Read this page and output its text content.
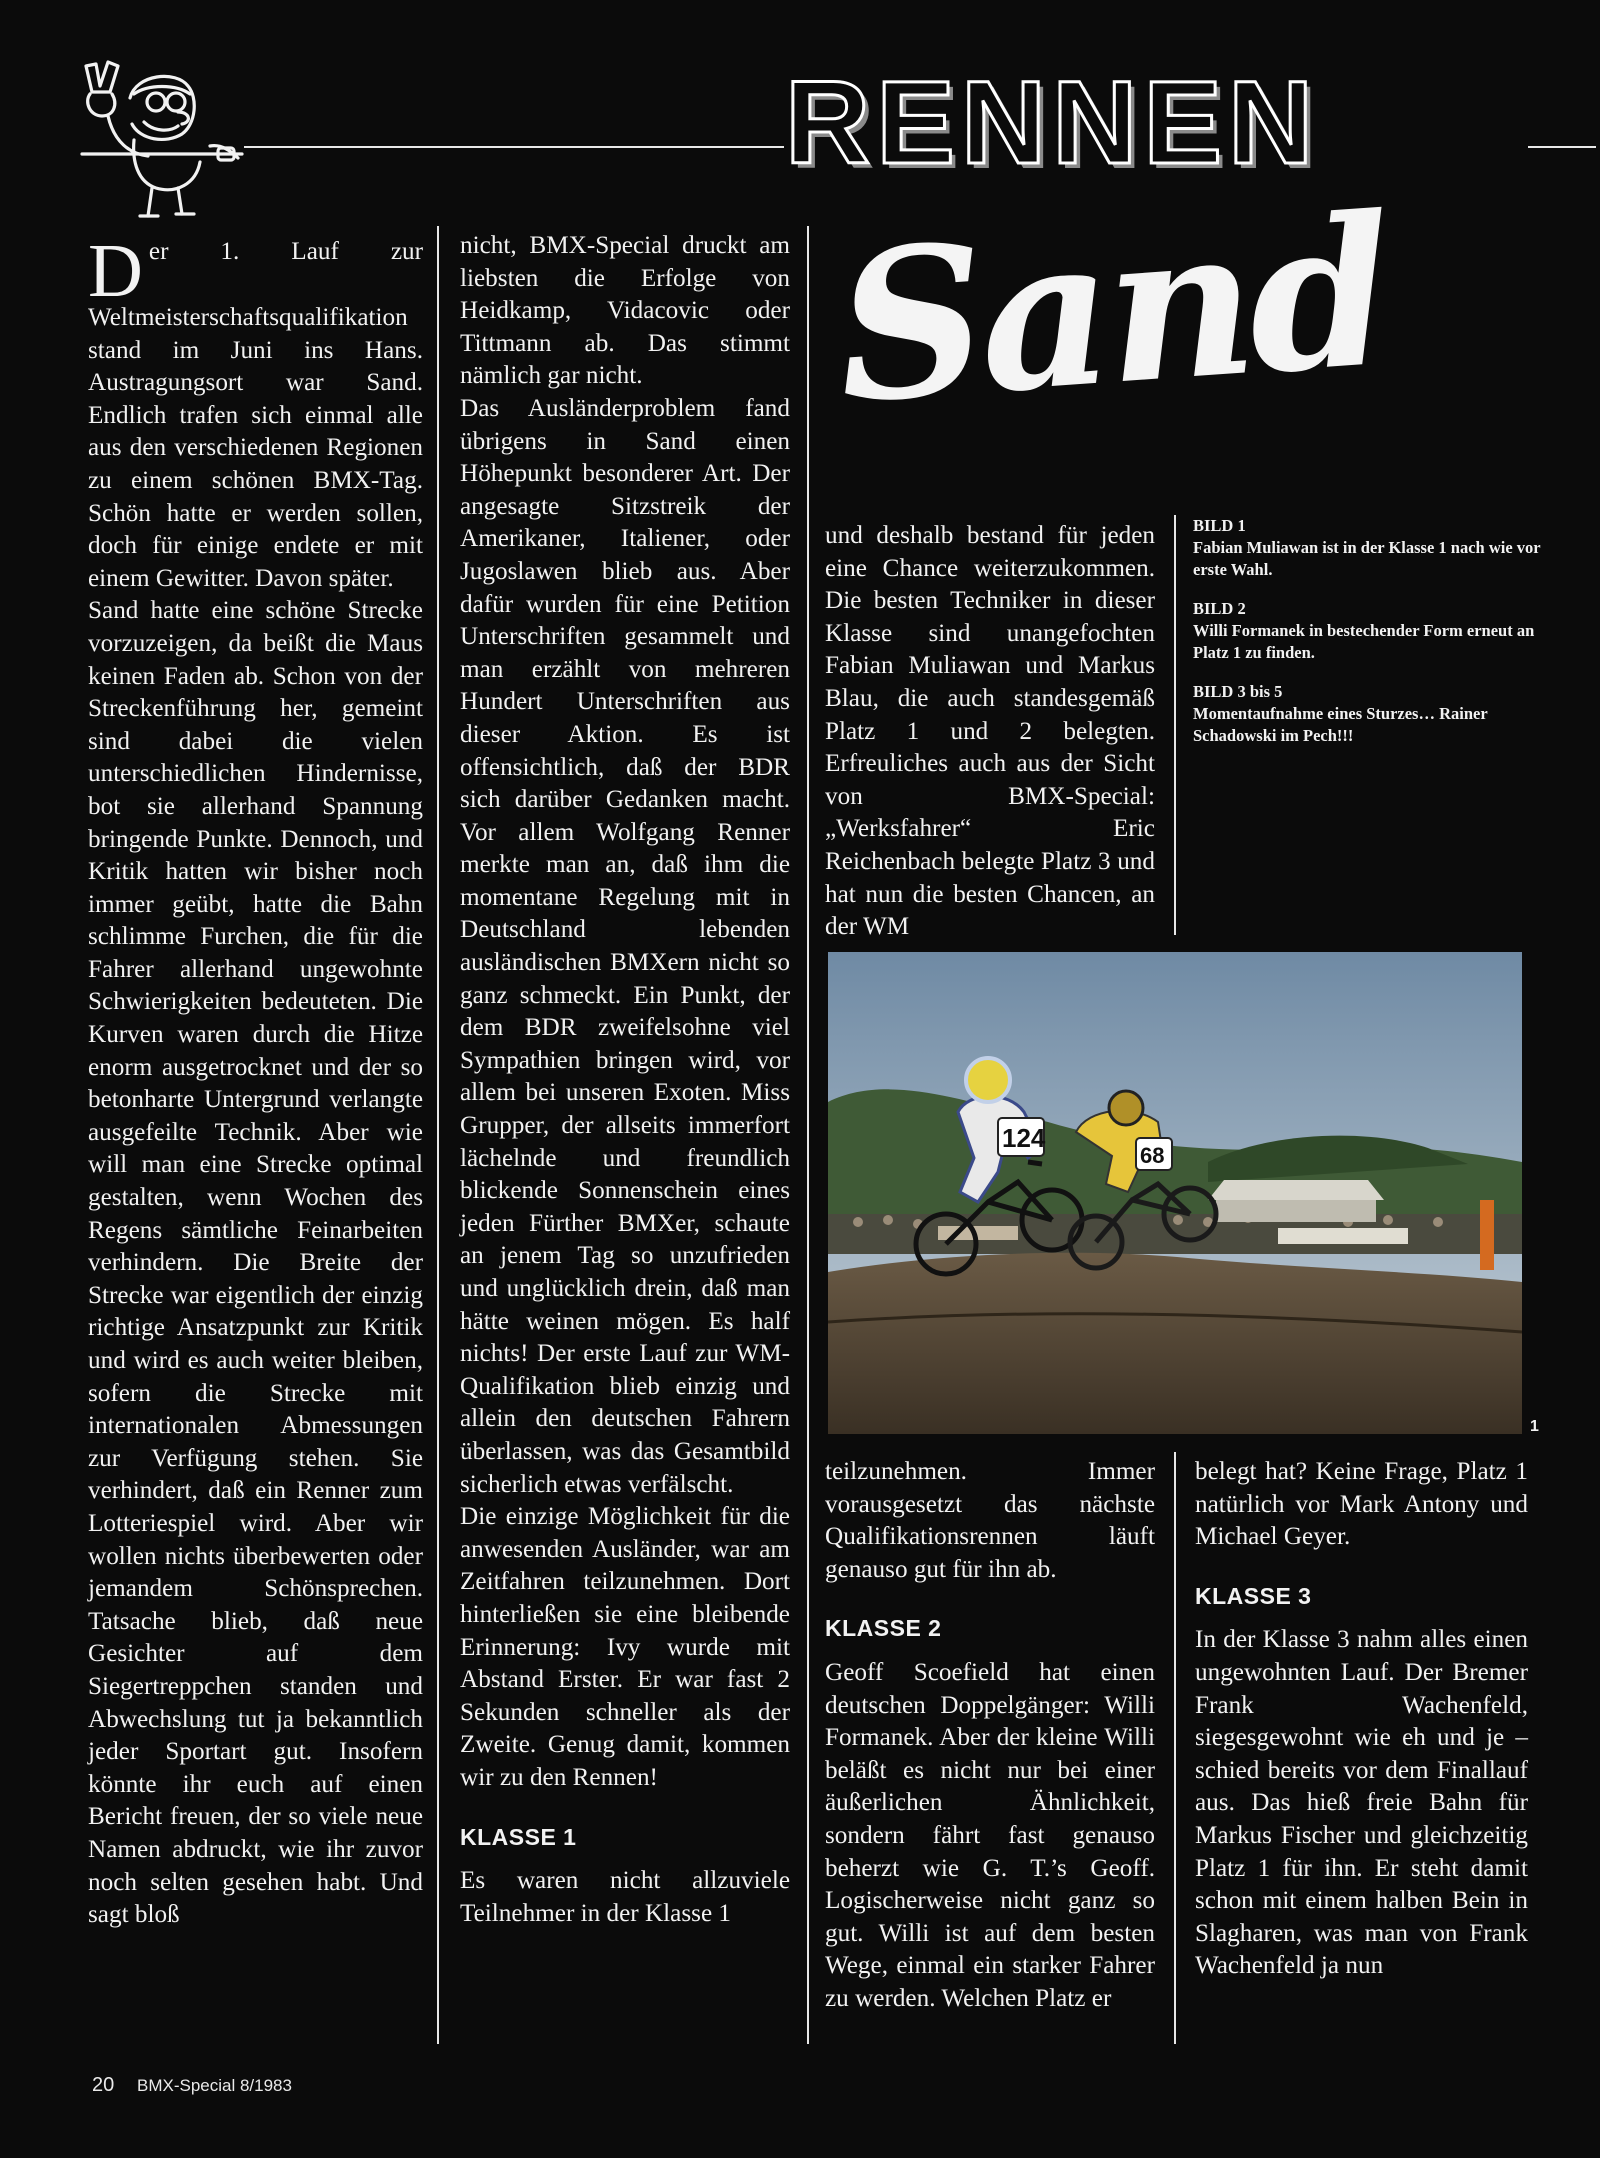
RENNEN
Sand

Der 1. Lauf zur Weltmeisterschaftsqualifikation stand im Juni ins Hans. Austragungsort war Sand. Endlich trafen sich einmal alle aus den verschiedenen Regionen zu einem schönen BMX-Tag. Schön hatte er werden sollen, doch für einige endete er mit einem Gewitter. Davon später.

Sand hatte eine schöne Strecke vorzuzeigen, da beißt die Maus keinen Faden ab. Schon von der Streckenführung her, gemeint sind dabei die vielen unterschiedlichen Hindernisse, bot sie allerhand Spannung bringende Punkte. Dennoch, und Kritik hatten wir bisher noch immer geübt, hatte die Bahn schlimme Furchen, die für die Fahrer allerhand ungewohnte Schwierigkeiten bedeuteten. Die Kurven waren durch die Hitze enorm ausgetrocknet und der so betonharte Untergrund verlangte ausgefeilte Technik. Aber wie will man eine Strecke optimal gestalten, wenn Wochen des Regens sämtliche Feinarbeiten verhindern. Die Breite der Strecke war eigentlich der einzig richtige Ansatzpunkt zur Kritik und wird es auch weiter bleiben, sofern die Strecke mit internationalen Abmessungen zur Verfügung stehen. Sie verhindert, daß ein Renner zum Lotteriespiel wird. Aber wir wollen nichts überbewerten oder jemandem Schönsprechen. Tatsache blieb, daß neue Gesichter auf dem Siegertreppchen standen und Abwechslung tut ja bekanntlich jeder Sportart gut. Insofern könnte ihr euch auf einen Bericht freuen, der so viele neue Namen abdruckt, wie ihr zuvor noch selten gesehen habt. Und sagt bloß

nicht, BMX-Special druckt am liebsten die Erfolge von Heidkamp, Vidacovic oder Tittmann ab. Das stimmt nämlich gar nicht.

Das Ausländerproblem fand übrigens in Sand einen Höhepunkt besonderer Art. Der angesagte Sitzstreik der Amerikaner, Italiener, oder Jugoslawen blieb aus. Aber dafür wurden für eine Petition Unterschriften gesammelt und man erzählt von mehreren Hundert Unterschriften aus dieser Aktion. Es ist offensichtlich, daß der BDR sich darüber Gedanken macht. Vor allem Wolfgang Renner merkte man an, daß ihm die momentane Regelung mit in Deutschland lebenden ausländischen BMXern nicht so ganz schmeckt. Ein Punkt, der dem BDR zweifelsohne viel Sympathien bringen wird, vor allem bei unseren Exoten. Miss Grupper, der allseits immerfort lächelnde und freundlich blickende Sonnenschein eines jeden Fürther BMXer, schaute an jenem Tag so unzufrieden und unglücklich drein, daß man hätte weinen mögen. Es half nichts! Der erste Lauf zur WM-Qualifikation blieb einzig und allein den deutschen Fahrern überlassen, was das Gesamtbild sicherlich etwas verfälscht.

Die einzige Möglichkeit für die anwesenden Ausländer, war am Zeitfahren teilzunehmen. Dort hinterließen sie eine bleibende Erinnerung: Ivy wurde mit Abstand Erster. Er war fast 2 Sekunden schneller als der Zweite. Genug damit, kommen wir zu den Rennen!

KLASSE 1

Es waren nicht allzuviele Teilnehmer in der Klasse 1

und deshalb bestand für jeden eine Chance weiterzukommen. Die besten Techniker in dieser Klasse sind unangefochten Fabian Muliawan und Markus Blau, die auch standesgemäß Platz 1 und 2 belegten. Erfreuliches auch aus der Sicht von BMX-Special: „Werksfahrer“ Eric Reichenbach belegte Platz 3 und hat nun die besten Chancen, an der WM

BILD 1
Fabian Muliawan ist in der Klasse 1 nach wie vor erste Wahl.
BILD 2
Willi Formanek in bestechender Form erneut an Platz 1 zu finden.
BILD 3 bis 5
Momentaufnahme eines Sturzes… Rainer Schadowski im Pech!!!
124
68
1

teilzunehmen. Immer vorausgesetzt das nächste Qualifikationsrennen läuft genauso gut für ihn ab.

KLASSE 2

Geoff Scoefield hat einen deutschen Doppelgänger: Willi Formanek. Aber der kleine Willi beläßt es nicht nur bei einer äußerlichen Ähnlichkeit, sondern fährt fast genauso beherzt wie G. T.’s Geoff. Logischerweise nicht ganz so gut. Willi ist auf dem besten Wege, einmal ein starker Fahrer zu werden. Welchen Platz er

belegt hat? Keine Frage, Platz 1 natürlich vor Mark Antony und Michael Geyer.

KLASSE 3

In der Klasse 3 nahm alles einen ungewohnten Lauf. Der Bremer Frank Wachenfeld, siegesgewohnt wie eh und je – schied bereits vor dem Finallauf aus. Das hieß freie Bahn für Markus Fischer und gleichzeitig Platz 1 für ihn. Er steht damit schon mit einem halben Bein in Slagharen, was man von Frank Wachenfeld ja nun

20 BMX-Special 8/1983
